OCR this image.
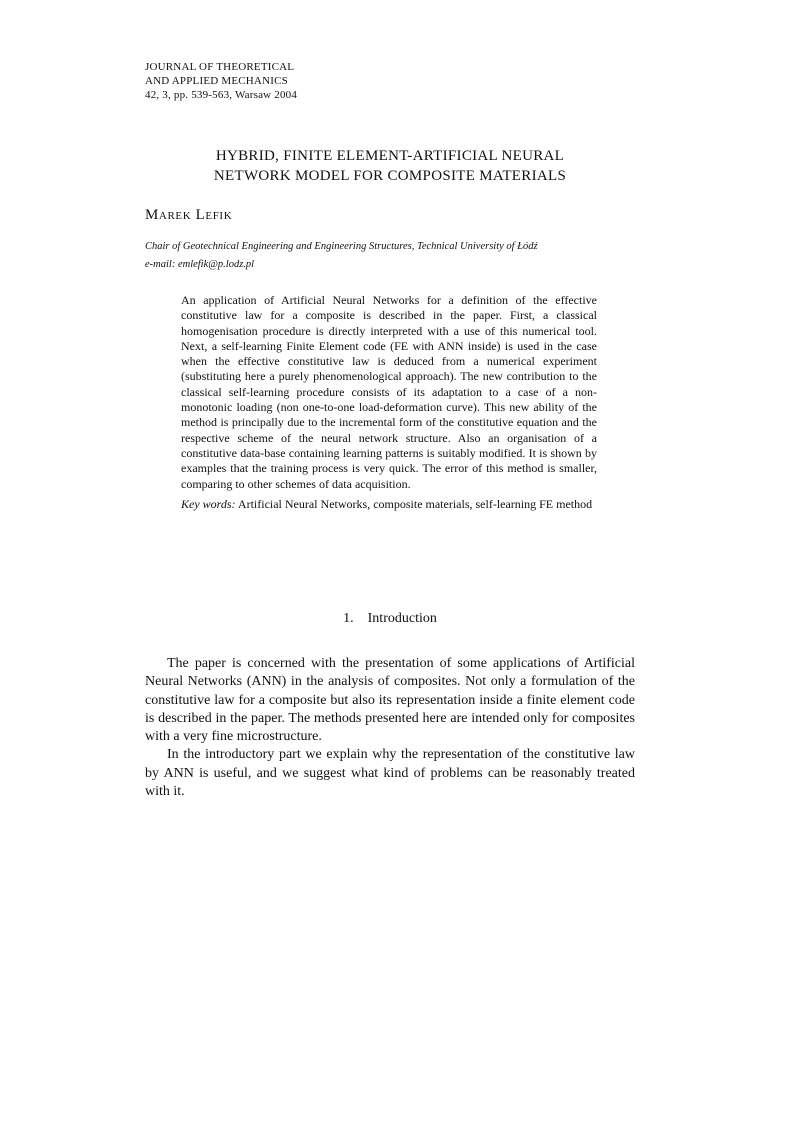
JOURNAL OF THEORETICAL
AND APPLIED MECHANICS
42, 3, pp. 539-563, Warsaw 2004
HYBRID, FINITE ELEMENT-ARTIFICIAL NEURAL
NETWORK MODEL FOR COMPOSITE MATERIALS
Marek Lefik
Chair of Geotechnical Engineering and Engineering Structures, Technical University of Łódź
e-mail: emlefik@p.lodz.pl

An application of Artificial Neural Networks for a definition of the effective constitutive law for a composite is described in the paper. First, a classical homogenisation procedure is directly interpreted with a use of this numerical tool. Next, a self-learning Finite Element code (FE with ANN inside) is used in the case when the effective constitutive law is deduced from a numerical experiment (substituting here a purely phenomenological approach). The new contribution to the classical self-learning procedure consists of its adaptation to a case of a non-monotonic loading (non one-to-one load-deformation curve). This new ability of the method is principally due to the incremental form of the constitutive equation and the respective scheme of the neural network structure. Also an organisation of a constitutive data-base containing learning patterns is suitably modified. It is shown by examples that the training process is very quick. The error of this method is smaller, comparing to other schemes of data acquisition.

Key words: Artificial Neural Networks, composite materials, self-learning FE method

1. Introduction

The paper is concerned with the presentation of some applications of Artificial Neural Networks (ANN) in the analysis of composites. Not only a formulation of the constitutive law for a composite but also its representation inside a finite element code is described in the paper. The methods presented here are intended only for composites with a very fine microstructure.

In the introductory part we explain why the representation of the constitutive law by ANN is useful, and we suggest what kind of problems can be reasonably treated with it.
